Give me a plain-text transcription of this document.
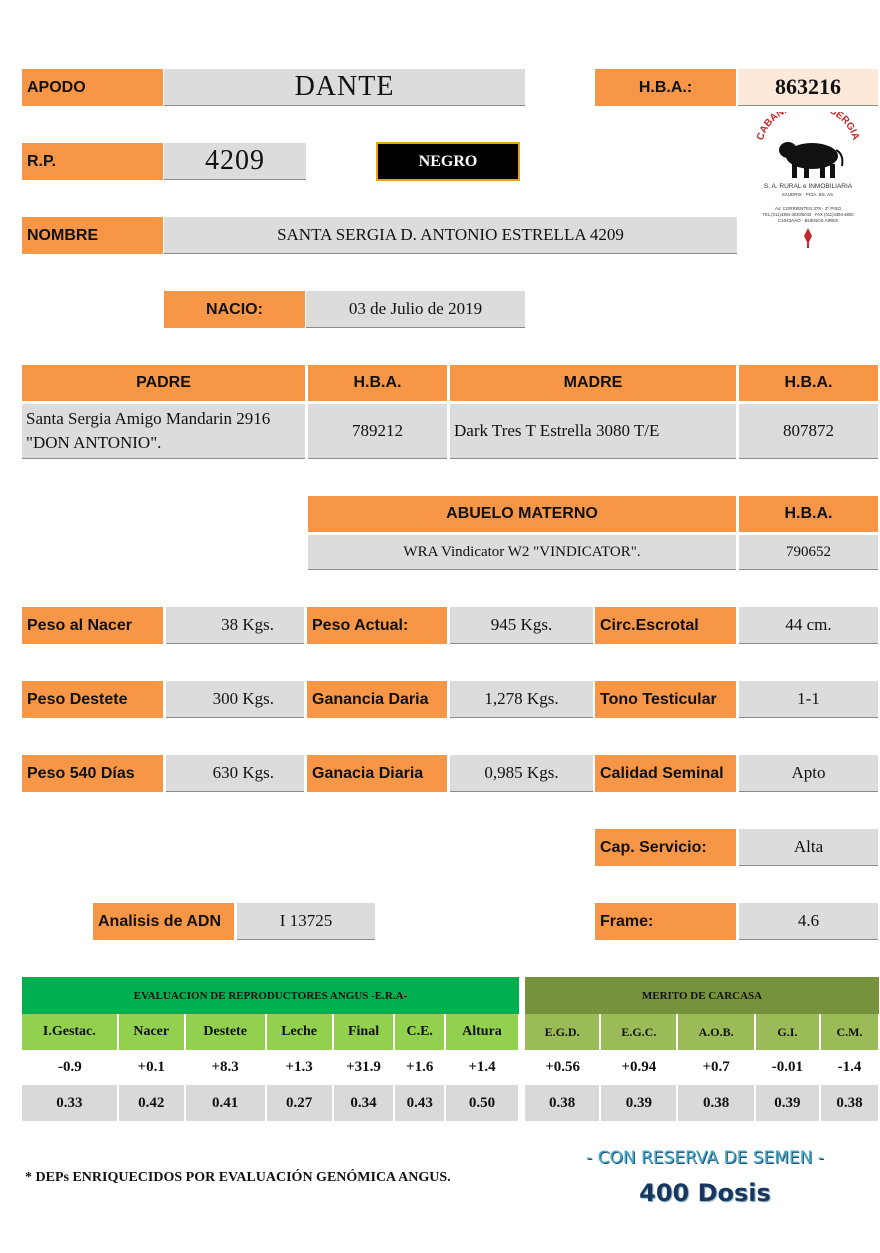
APODO	DANTE	H.B.A.:	863216
R.P.	4209	NEGRO
CABAÑ ERGIA
S. A. RURAL e INMOBILIARIA
SAUDRIX - PCIA. BS. AS.
AV. CORRIENTES 378 - 2º PISO
TEL.(011)4394-3030/5043 · FAX (011)4394-4800
C1043AAO · BUENOS AIRES
NOMBRE	SANTA SERGIA D. ANTONIO ESTRELLA 4209
NACIO:	03 de Julio de 2019
PADRE	H.B.A.	MADRE	H.B.A.
Santa Sergia Amigo Mandarin 2916
"DON ANTONIO".
789212	Dark Tres T Estrella 3080 T/E	807872
ABUELO MATERNO	H.B.A.
WRA Vindicator W2 "VINDICATOR".	790652
Peso al Nacer	38 Kgs.	Peso Actual:	945 Kgs.	Circ.Escrotal	44 cm.
Peso Destete	300 Kgs.	Ganancia Daria	1,278 Kgs.	Tono Testicular	1-1
Peso 540 Días	630 Kgs.	Ganacia Diaria	0,985 Kgs.	Calidad Seminal	Apto
Cap. Servicio:	Alta
Analisis de ADN	I 13725	Frame:	4.6
EVALUACION DE REPRODUCTORES ANGUS -E.R.A-						
I.Gestac.	Nacer	Destete	Leche	Final	C.E.	Altura
-0.9	+0.1	+8.3	+1.3	+31.9	+1.6	+1.4
0.33	0.42	0.41	0.27	0.34	0.43	0.50
MERITO DE CARCASA				
E.G.D.	E.G.C.	A.O.B.	G.I.	C.M.
+0.56	+0.94	+0.7	-0.01	-1.4
0.38	0.39	0.38	0.39	0.38
* DEPs ENRIQUECIDOS POR EVALUACIÓN GENÓMICA ANGUS.
- CON RESERVA DE SEMEN -
400 Dosis
